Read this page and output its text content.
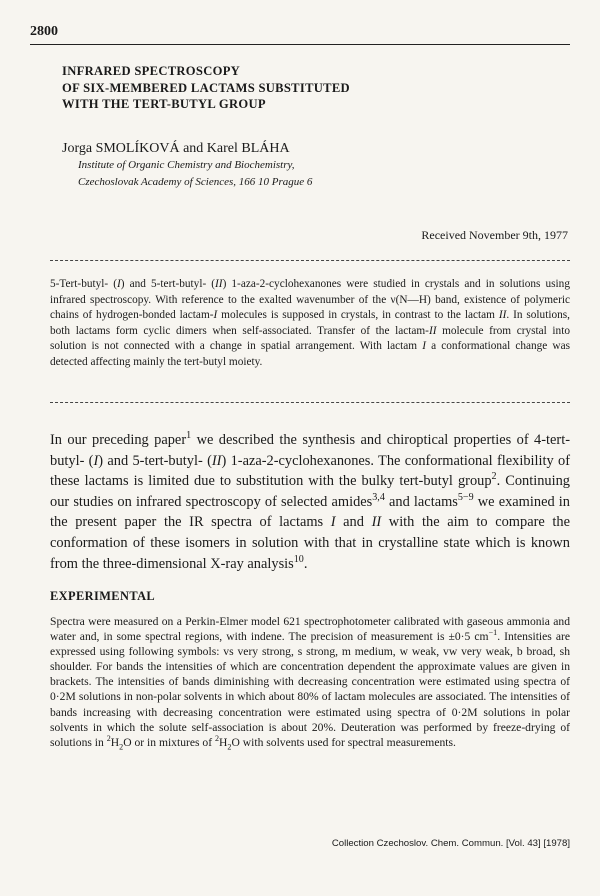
2800
INFRARED SPECTROSCOPY
OF SIX-MEMBERED LACTAMS SUBSTITUTED
WITH THE TERT-BUTYL GROUP
Jorga SMOLÍKOVÁ and Karel BLÁHA
Institute of Organic Chemistry and Biochemistry,
Czechoslovak Academy of Sciences, 166 10 Prague 6
Received November 9th, 1977
5-Tert-butyl- (I) and 5-tert-butyl- (II) 1-aza-2-cyclohexanones were studied in crystals and in solutions using infrared spectroscopy. With reference to the exalted wavenumber of the ν(N—H) band, existence of polymeric chains of hydrogen-bonded lactam-I molecules is supposed in crystals, in contrast to the lactam II. In solutions, both lactams form cyclic dimers when self-associated. Transfer of the lactam-II molecule from crystal into solution is not connected with a change in spatial arrangement. With lactam I a conformational change was detected affecting mainly the tert-butyl moiety.
In our preceding paper$^1$ we described the synthesis and chiroptical properties of 4-tert-butyl- (I) and 5-tert-butyl- (II) 1-aza-2-cyclohexanones. The conformational flexibility of these lactams is limited due to substitution with the bulky tert-butyl group$^2$. Continuing our studies on infrared spectroscopy of selected amides$^{3,4}$ and lactams$^{5-9}$ we examined in the present paper the IR spectra of lactams I and II with the aim to compare the conformation of these isomers in solution with that in crystalline state which is known from the three-dimensional X-ray analysis$^{10}$.
EXPERIMENTAL
Spectra were measured on a Perkin-Elmer model 621 spectrophotometer calibrated with gaseous ammonia and water and, in some spectral regions, with indene. The precision of measurement is ±0·5 $cm^{-1}$. Intensities are expressed using following symbols: vs very strong, s strong, m medium, w weak, vw very weak, b broad, sh shoulder. For bands the intensities of which are concentration dependent the approximate values are given in brackets. The intensities of bands diminishing with decreasing concentration were estimated using spectra of 0·2M solutions in non-polar solvents in which about 80% of lactam molecules are associated. The intensities of bands increasing with decreasing concentration were estimated using spectra of 0·2M solutions in polar solvents in which the solute self-association is about 20%. Deuteration was performed by freeze-drying of solutions in $^2H_2O$ or in mixtures of $^2H_2O$ with solvents used for spectral measurements.
Collection Czechoslov. Chem. Commun. [Vol. 43] [1978]
